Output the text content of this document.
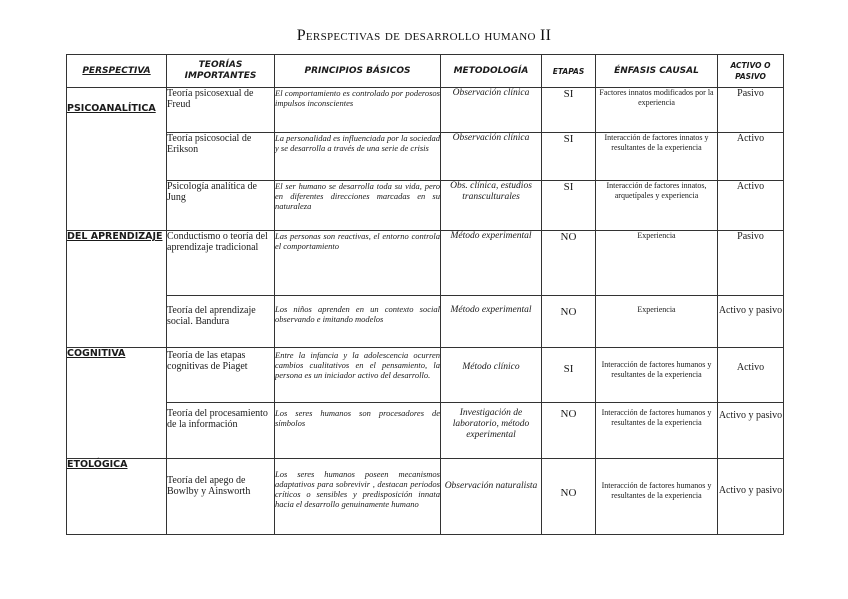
Perspectivas de desarrollo humano II
PERSPECTIVA	TEORÍAS IMPORTANTES	PRINCIPIOS BÁSICOS	METODOLOGÍA	ETAPAS	ÉNFASIS CAUSAL	ACTIVO O PASIVO
PSICOANALÍTICA	Teoría psicosexual de Freud	El comportamiento es controlado por poderosos impulsos inconscientes	Observación clínica	SI	Factores innatos modificados por la experiencia	Pasivo
	Teoría psicosocial de Erikson	La personalidad es influenciada por la sociedad y se desarrolla a través de una serie de crisis	Observación clínica	SI	Interacción de factores innatos y resultantes de la experiencia	Activo
	Psicología analítica de Jung	El ser humano se desarrolla toda su vida, pero en diferentes direcciones marcadas en su naturaleza	Obs. clínica, estudios transculturales	SI	Interacción de factores innatos, arquetípales y experiencia	Activo
DEL APRENDIZAJE	Conductismo o teoría del aprendizaje tradicional	Las personas son reactivas, el entorno controla el comportamiento	Método experimental	NO	Experiencia	Pasivo
	Teoría del aprendizaje social. Bandura	Los niños aprenden en un contexto social observando e imitando modelos	Método experimental	NO	Experiencia	Activo y pasivo
COGNITIVA	Teoría de las etapas cognitivas de Piaget	Entre la infancia y la adolescencia ocurren cambios cualitativos en el pensamiento, la persona es un iniciador activo del desarrollo.	Método clínico	SI	Interacción de factores humanos y resultantes de la experiencia	Activo
	Teoría del procesamiento de la información	Los seres humanos son procesadores de símbolos	Investigación de laboratorio, método experimental	NO	Interacción de factores humanos y resultantes de la experiencia	Activo y pasivo
ETOLÓGICA	Teoría del apego de Bowlby y Ainsworth	Los seres humanos poseen mecanismos adaptativos para sobrevivir , destacan periodos críticos o sensibles y predisposición innata hacia el desarrollo genuinamente humano	Observación naturalista	NO	Interacción de factores humanos y resultantes de la experiencia	Activo y pasivo
